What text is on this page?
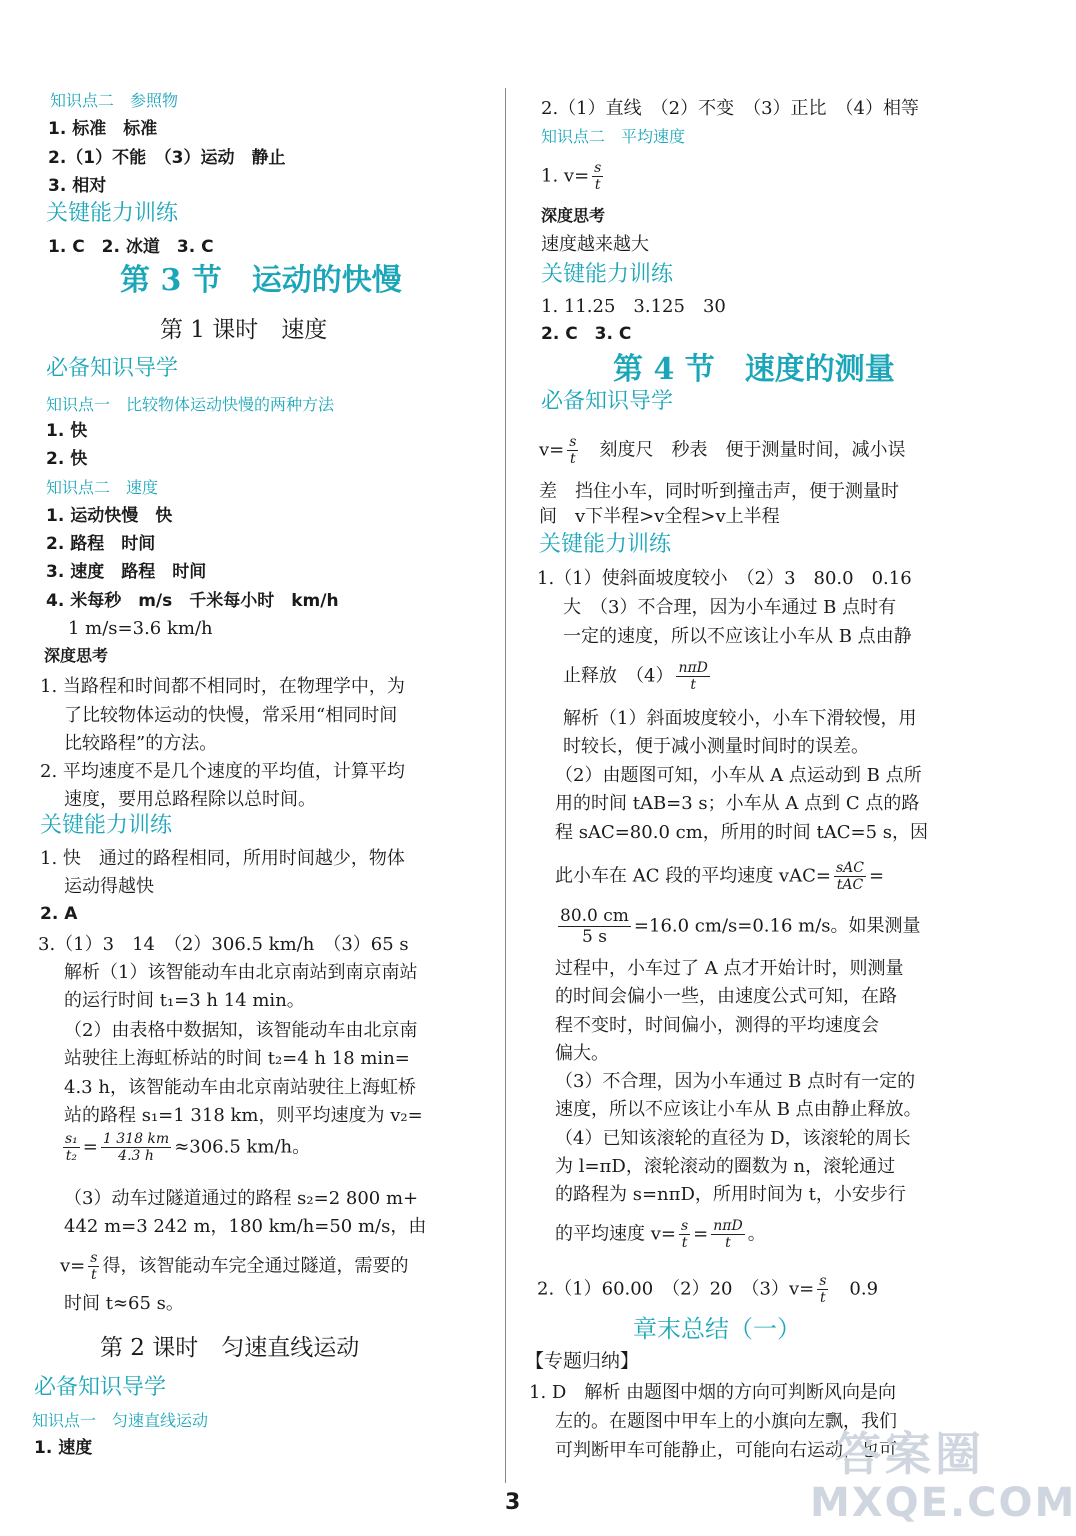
知识点二　参照物
1. 标准　标准
2.（1）不能　（3）运动　静止
3. 相对
关键能力训练
1. C　2. 冰道　3. C
第 3 节　运动的快慢
第 1 课时　速度
必备知识导学
知识点一　比较物体运动快慢的两种方法
1. 快
2. 快
知识点二　速度
1. 运动快慢　快
2. 路程　时间
3. 速度　路程　时间
4. 米每秒　m/s　千米每小时　km/h
1 m/s=3.6 km/h
深度思考
1. 当路程和时间都不相同时，在物理学中，为
了比较物体运动的快慢，常采用“相同时间
比较路程”的方法。
2. 平均速度不是几个速度的平均值，计算平均
速度，要用总路程除以总时间。
关键能力训练
1. 快　通过的路程相同，所用时间越少，物体
运动得越快
2. A
3.（1）3　14　（2）306.5 km/h　（3）65 s
解析（1）该智能动车由北京南站到南京南站
的运行时间 t₁=3 h 14 min。
（2）由表格中数据知，该智能动车由北京南
站驶往上海虹桥站的时间 t₂=4 h 18 min=
4.3 h，该智能动车由北京南站驶往上海虹桥
站的路程 s₁=1 318 km，则平均速度为 v₂=
$\frac{\text{s₁}}{\text{t₂}} = \frac{1 318 km}{4.3 h} \approx 306.5$ km/h。
（3）动车过隧道通过的路程 s₂=2 800 m+
442 m=3 242 m，180 km/h=50 m/s，由
$v= \frac{s}{t}$ 得，该智能动车完全通过隧道，需要的
时间 t≈65 s。
第 2 课时　匀速直线运动
必备知识导学
知识点一　匀速直线运动
1. 速度
2.（1）直线　（2）不变　（3）正比　（4）相等
知识点二　平均速度
1. $v= \frac{s}{t}$
深度思考
速度越来越大
关键能力训练
1. 11.25　3.125　30
2. C　3. C
第 4 节　速度的测量
必备知识导学
$v= \frac{s}{t}$ 　刻度尺　秒表　便于测量时间，减小误
差　挡住小车，同时听到撞击声，便于测量时
间　v下半程>v全程>v上半程
关键能力训练
1.（1）使斜面坡度较小　（2）3　80.0　0.16
大　（3）不合理，因为小车通过 B 点时有
一定的速度，所以不应该让小车从 B 点由静
止释放　$(4) \frac{\text{nπD}}{t}$
解析（1）斜面坡度较小，小车下滑较慢，用
时较长，便于减小测量时间时的误差。
（2）由题图可知，小车从 A 点运动到 B 点所
用的时间 tAB=3 s；小车从 A 点到 C 点的路
程 sAC=80.0 cm，所用的时间 tAC=5 s，因
此小车在 AC 段的平均速度 $vAC= \frac{\text{sAC}}{\text{tAC}}$ =
$\frac{80.0 cm}{5 s} =16.0$ cm/s=0.16 m/s。如果测量
过程中，小车过了 A 点才开始计时，则测量
的时间会偏小一些，由速度公式可知，在路
程不变时，时间偏小，测得的平均速度会
偏大。
（3）不合理，因为小车通过 B 点时有一定的
速度，所以不应该让小车从 B 点由静止释放。
（4）已知该滚轮的直径为 D，该滚轮的周长
为 l=πD，滚轮滚动的圈数为 n，滚轮通过
的路程为 s=nπD，所用时间为 t，小安步行
的平均速度 $v= \frac{s}{t} = \frac{\text{nπD}}{t}$ 。
2.（1）60.00　（2）20　$(3)v= \frac{s}{t}$ 　0.9
章末总结（一）
【专题归纳】
1. D　解析 由题图中烟的方向可判断风向是向
左的。在题图中甲车上的小旗向左飘，我们
可判断甲车可能静止，可能向右运动，也可
3
答案圈
MXQE.COM
